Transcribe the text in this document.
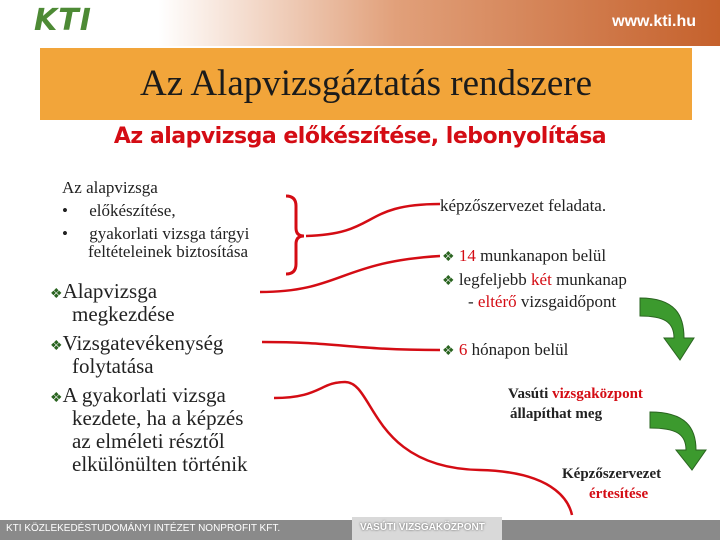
KTI	www.kti.hu
Az Alapvizsgáztatás rendszere
Az alapvizsga előkészítése, lebonyolítása
Az alapvizsga
•     előkészítése,
•     gyakorlati vizsga tárgyi
feltételeinek biztosítása
❖Alapvizsga
megkezdése
❖Vizsgatevékenység
folytatása
❖A gyakorlati vizsga
kezdete, ha a képzés
az elméleti résztől
elkülönülten történik
képzőszervezet feladata.
❖ 14 munkanapon belül
❖ legfeljebb két munkanap
- eltérő vizsgaidőpont
❖ 6 hónapon belül
Vasúti vizsgaközpont
állapíthat meg
Képzőszervezet
értesítése
KTI KÖZLEKEDÉSTUDOMÁNYI INTÉZET NONPROFIT KFT.	VASÚTI VIZSGAKÖZPONT
